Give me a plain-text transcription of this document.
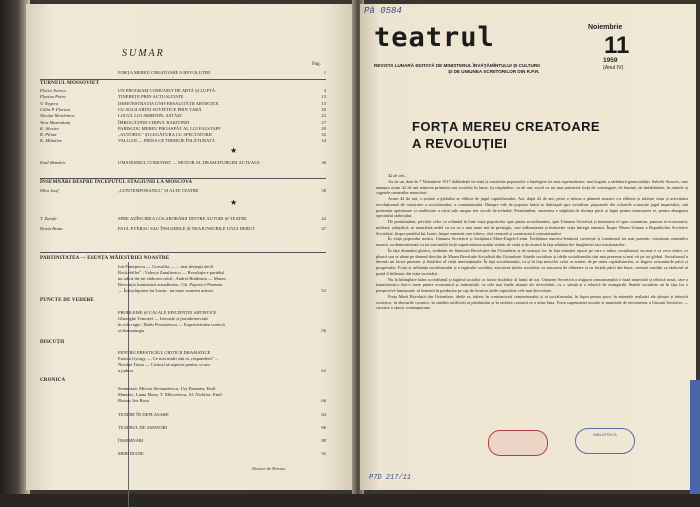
SUMAR
Pag.
FORȚA MEREU CREATOARE A REVOLUȚIEI	1
·
TURNEUL MOSSOVIET
Florin Tornea	UN PROGRAM COMUNIST DE ARTĂ ȘI LUPTĂ	3
Florian Potra	TINEREȚE PRIN ACTUALITATE	13
V. Negreu	DEMONSTRAȚIA UNIVERSALITĂȚII ARTISTICE	15
Călin P. Florian	CU SOLII ARTEI SOVIETICE PRIN ȚARĂ	20
Nicolai Mordvinov	LOCUL LUI ARBENIN, ASTĂZI	22
Vera Maretskaia	ÎMBOGĂȚIND CHIPUL RAKITINEI	27
K. Alexiev	PARISCOU MEREU PROASPĂT AL LUI FALSTAFF	29
R. Piliatt	„AUTORUL" ȘI LEGĂTURA CU SPECTATORII	32
K. Mihailov	VALGAN — FRINA CE TREBUIE ÎNLĂTURATĂ	34
★
Emil Mandric	UMANISMUL COMUNIST — MOTOR AL DRAMATURGIEI ACTUALE	36
ÎNSEMNĂRI DESPRE ÎNCEPUTUL STAGIUNII LA MOSCOVA
Mira Iosif	„CONTEMPORANUL" ȘI ALTE TEATRE	38
★
T. Zamfir	SPRE ADÎNCIREA COLABORĂRII DINTRE AUTORI ȘI TEATRE	42
Horia Bratu	PAUL EVERAC SAU ÎNSUȘIRILE ȘI NEAJUNSURILE UNUI DEBUT	47
PARTINITATEA — ESENȚA MĂIESTRIEI NOASTRE
Ion Pintepescu — Gravallia — ... mai deștepți decît
Rockefeller" ; Valerca Zamfirescu — Revoluția e partidul
nu adică tăi-mi elaborez rolul ; Andrei Brădeanu — Marea
Revoluție luminează actualitatea ; Gh. Popovici-Poenaru
— Întruchiparea lui Lenin : un mare examen artistic	52
PUNCTE DE VEDERE
PROBLEME ȘI CĂI ALE EFICIENȚEI ARTISTICE
Gheorghe Tomozei — Inovație și pseudoinovație
în rolu regie ; Radu Penciulescu — Expresivitatea scenică
și dramaturgia	56
DISCUȚII
PENTRU PRESTIGIUL CRITICII DRAMATICE
Eonica Gyorgy — Ce mai multi sînt ai ,răspunderii" ...
Nicolae Tăuta — Criticul să aspecte pentru ca sau
a judeca	62
CRONICA
Semnează: Mircea Alexandrescu, Ury Benador, Emil
Mandric, Liana Maxy, T. Milcovescu, Al. Nichifor, Emil
Rizian, Iris Bosa	66
TEATRE ÎN DEPLASARE	84
TEATRUL DE AMATORI	86
ÎNSEMNĂRI	88
MERIDIANE	92
Desene de Hiraux
Pă 0584
teatrul	Noiembrie
11
1959
(Anul IV)
REVISTA LUNARĂ EDITATĂ DE MINISTERUL ÎNVĂȚĂMÎNTULUI ȘI CULTURII
ȘI DE UNIUNEA SCRIITORILOR DIN R.P.R.
FORȚA MEREU CREATOARE
A REVOLUȚIEI

42 de ani...

Au de un, data de 7 Noiembrie 1917 dobîndește în viață și constituie popoarelor o înțelegere tot mai cuprinzătoare, mai bogată, a sărbătorii generozității. Salvele Aurorei, care anunțau acum 42 de ani nașterea primului stat socialist în lume, își răspîndesc, ca de ani, ecoul cu tot mai puternică forță de convingere, de lumină, de îmbărbătare, în inimile și cugetele oamenilor muncitori.

Acum 42 de ani, o șesime a globului se elibera de jugul capitalismului. Azi, după 42 de ani, peste o treime a planetei noastre s-a eliberat și trăiește viața și activitatea revoluționară de construire a socialismului, a comunismului. Dinspre cele de popoare lumii se îndreaptă spre socialism, popoarele din coloniile scuturate jugul imperialist, sub presiunea apăsătoare și umilitoare a cărui sale asupra trei secole de-a-rîndul. Pretutindeni, omenirea e stăpînită de dorința păcii și luptă pentru instaurarea ei, pentru alungarea spectrului războiului.

De pretutindeni, privirile celor ce schimbă în bine viața popoarelor spre patria socialismului, spre Uniunea Sovietică și înaintarea ei spre comunism, puterea ei economică, militară, științifică, se manifestă astfel cu tot cu o mai mare mă de prestigiu, care influențează și înrîurește viața întregii omeniri. Înspre Marea Uniune a Republicilor Sovietice Socialiste, înspre partidul lui Lenin, înspre oamenii care trăiesc, sînt creatorii și constructorii comunismului.

În viața poporului nostru, Uniunea Sovietică și învățătura Marx-Engels-Lenin. Învățătura marxist-leninistă cucerește și luminează tot mai puternic conștiința oamenilor muncii, ea demonstrează cu tot mai multă forță superioritatea noului sistem de viață și de muncă în fața adulatorilor burgheziei sau reacționarilor.

În fața drumului glorios, străbătut de făuritorii Revoluției din Octombrie și de urmașii lor, în fața măreției epocii pe care o trăim, socialismul, nu mai e ca ceva străin, ce pleacă sau se abate pe drumul deschis de Marea Revoluție Socialistă din Octombrie. Statele socialiste și ideile socialismului sînt mai prezente și mai vii pe tot globul. Socialismul a devenit un factor puternic și hotărîtor al vieții internaționale. În fața socialismului, ca și în fața nevoilor celor ce trăiesc de pe urma capitalismului, se lărgesc orizonturile păcii și progresului. Forța și influența socialismului și a lagărului socialist, asocierea țărilor socialiste cu mișcarea de eliberare și cu forțele păcii din lume, creează condiții ca războiul să poată fi înlăturat din viața societății.

Nu la întîmplare luăm socialismul și lagărul socialist ca factor hotărîtor al lumii de azi. Uniunea Sovietică a asigurat comunismului o bază materială și tehnică nouă, care a transformat-o într-o mare putere economică și industrială, cu cele mai înalte ritmuri ale dezvoltării, cu o știință și o tehnică de avangardă. Statele socialiste au în fața lor o perspectivă luminoasă: să întreacă în producția pe cap de locuitor țările capitaliste cele mai dezvoltate.

Forța Marii Revoluții din Octombrie, ideile ei, trăiesc în constructorii comunismului și ai socialismului, în lupta pentru pace, în mărețele realizări ale științei și tehnicii sovietice, în zborurile cosmice, în sateliții artificiali ai pămîntului și în racheta cosmică ce a atins luna. Forța suprematiei morale și materiale de necontestat a Uniunii Sovietice — cucerire a epocii contemporane.

BIBLIOTECA
P7D 217/11
